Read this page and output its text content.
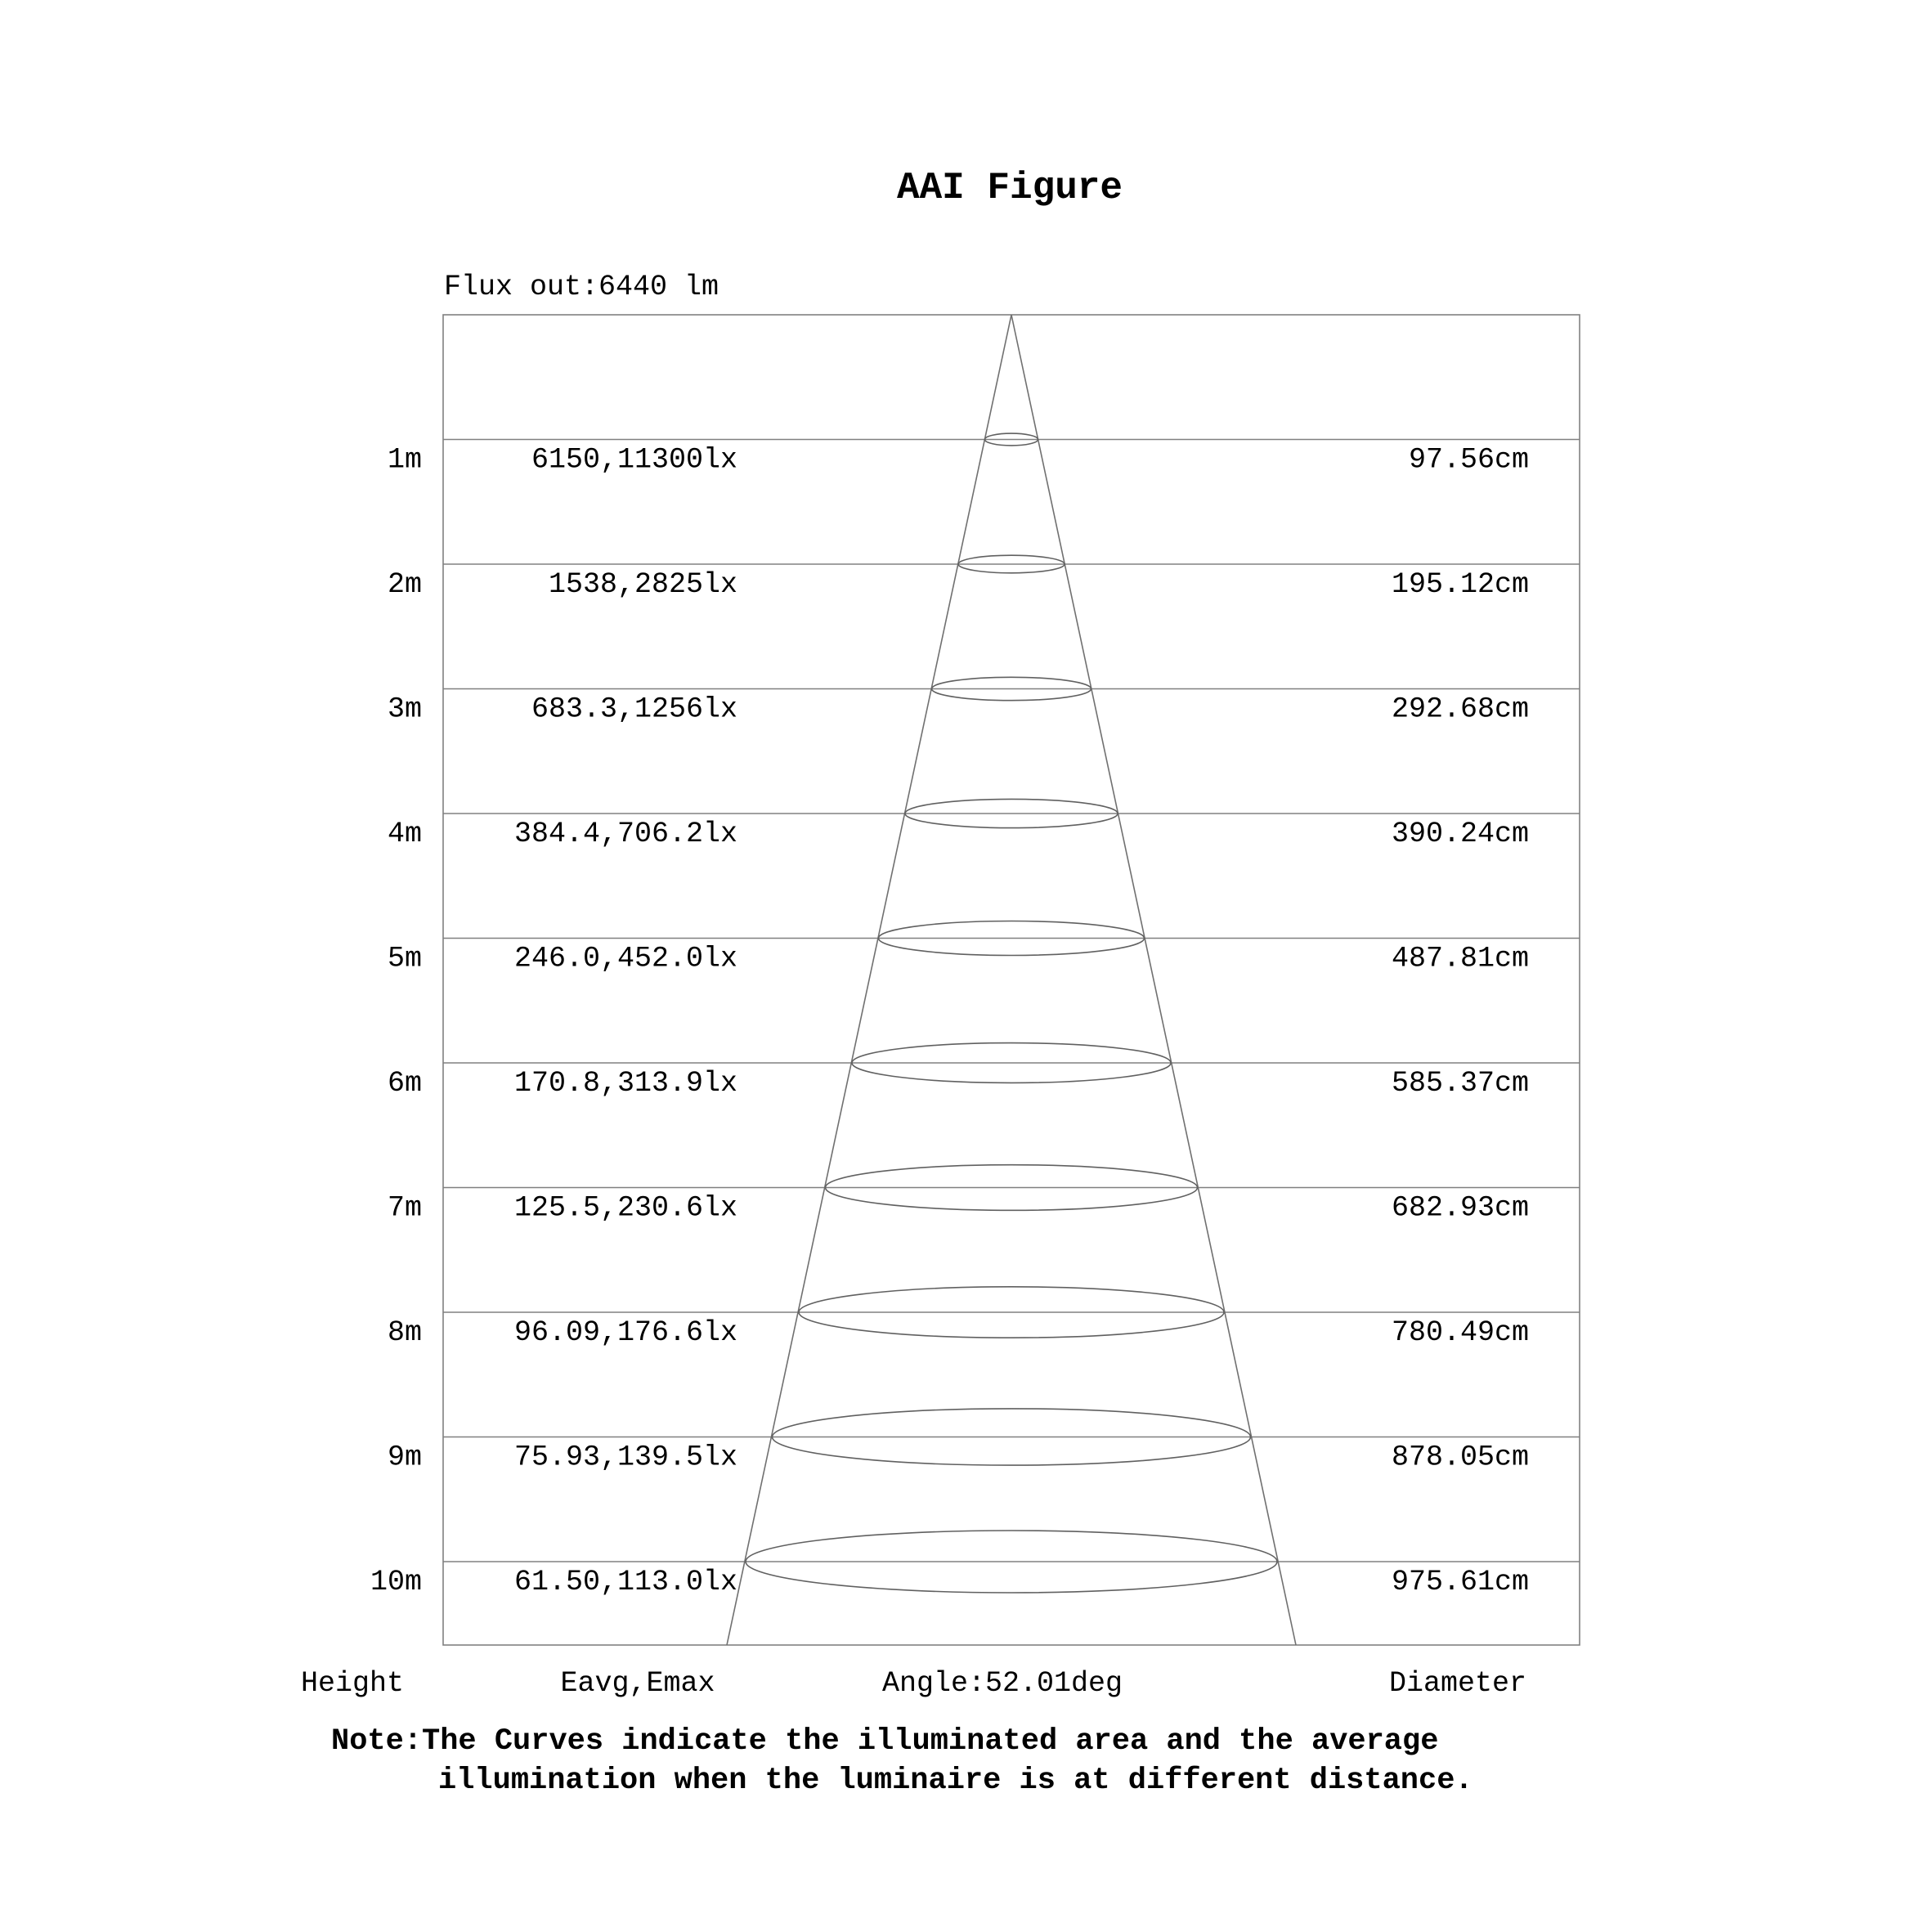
AAI Figure
Flux out:6440 lm
1m	6150,11300lx	97.56cm
2m	1538,2825lx	195.12cm
3m	683.3,1256lx	292.68cm
4m	384.4,706.2lx	390.24cm
5m	246.0,452.0lx	487.81cm
6m	170.8,313.9lx	585.37cm
7m	125.5,230.6lx	682.93cm
8m	96.09,176.6lx	780.49cm
9m	75.93,139.5lx	878.05cm
10m	61.50,113.0lx	975.61cm
Height	Eavg,Emax	Angle:52.01deg	Diameter
Note:The Curves indicate the illuminated area and the average
illumination when the luminaire is at different distance.
